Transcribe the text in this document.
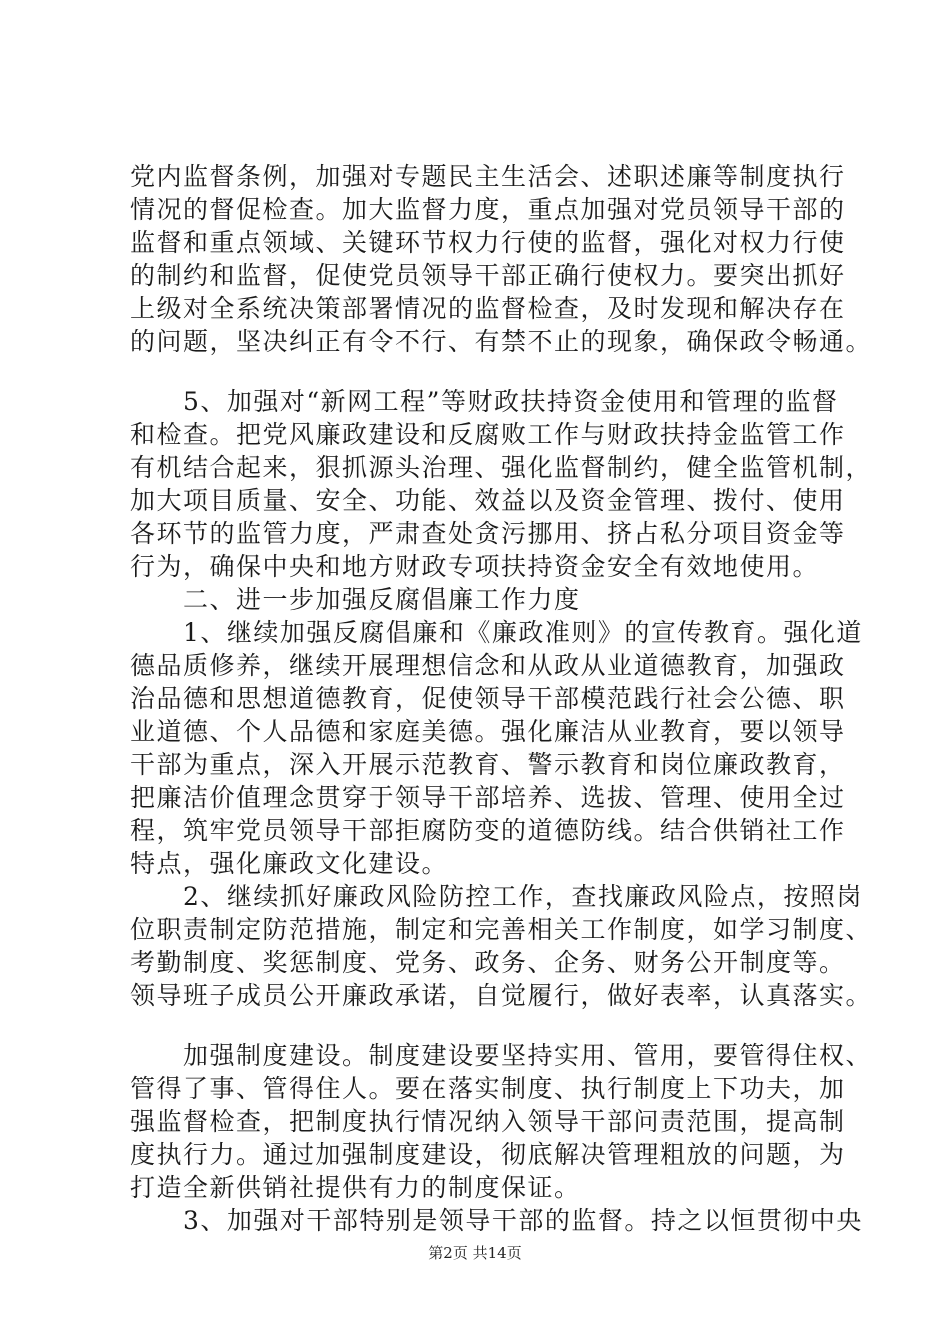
党内监督条例，加强对专题民主生活会、述职述廉等制度执行
情况的督促检查。加大监督力度，重点加强对党员领导干部的
监督和重点领域、关键环节权力行使的监督，强化对权力行使
的制约和监督，促使党员领导干部正确行使权力。要突出抓好
上级对全系统决策部署情况的监督检查，及时发现和解决存在
的问题，坚决纠正有令不行、有禁不止的现象，确保政令畅通。
　　5、加强对“新网工程”等财政扶持资金使用和管理的监督
和检查。把党风廉政建设和反腐败工作与财政扶持金监管工作
有机结合起来，狠抓源头治理、强化监督制约，健全监管机制，
加大项目质量、安全、功能、效益以及资金管理、拨付、使用
各环节的监管力度，严肃查处贪污挪用、挤占私分项目资金等
行为，确保中央和地方财政专项扶持资金安全有效地使用。
　　二、进一步加强反腐倡廉工作力度
　　1、继续加强反腐倡廉和《廉政准则》的宣传教育。强化道
德品质修养，继续开展理想信念和从政从业道德教育，加强政
治品德和思想道德教育，促使领导干部模范践行社会公德、职
业道德、个人品德和家庭美德。强化廉洁从业教育，要以领导
干部为重点，深入开展示范教育、警示教育和岗位廉政教育，
把廉洁价值理念贯穿于领导干部培养、选拔、管理、使用全过
程，筑牢党员领导干部拒腐防变的道德防线。结合供销社工作
特点，强化廉政文化建设。
　　2、继续抓好廉政风险防控工作，查找廉政风险点，按照岗
位职责制定防范措施，制定和完善相关工作制度，如学习制度、
考勤制度、奖惩制度、党务、政务、企务、财务公开制度等。
领导班子成员公开廉政承诺，自觉履行，做好表率，认真落实。
　　加强制度建设。制度建设要坚持实用、管用，要管得住权、
管得了事、管得住人。要在落实制度、执行制度上下功夫，加
强监督检查，把制度执行情况纳入领导干部问责范围，提高制
度执行力。通过加强制度建设，彻底解决管理粗放的问题，为
打造全新供销社提供有力的制度保证。
　　3、加强对干部特别是领导干部的监督。持之以恒贯彻中央
第2页 共14页
